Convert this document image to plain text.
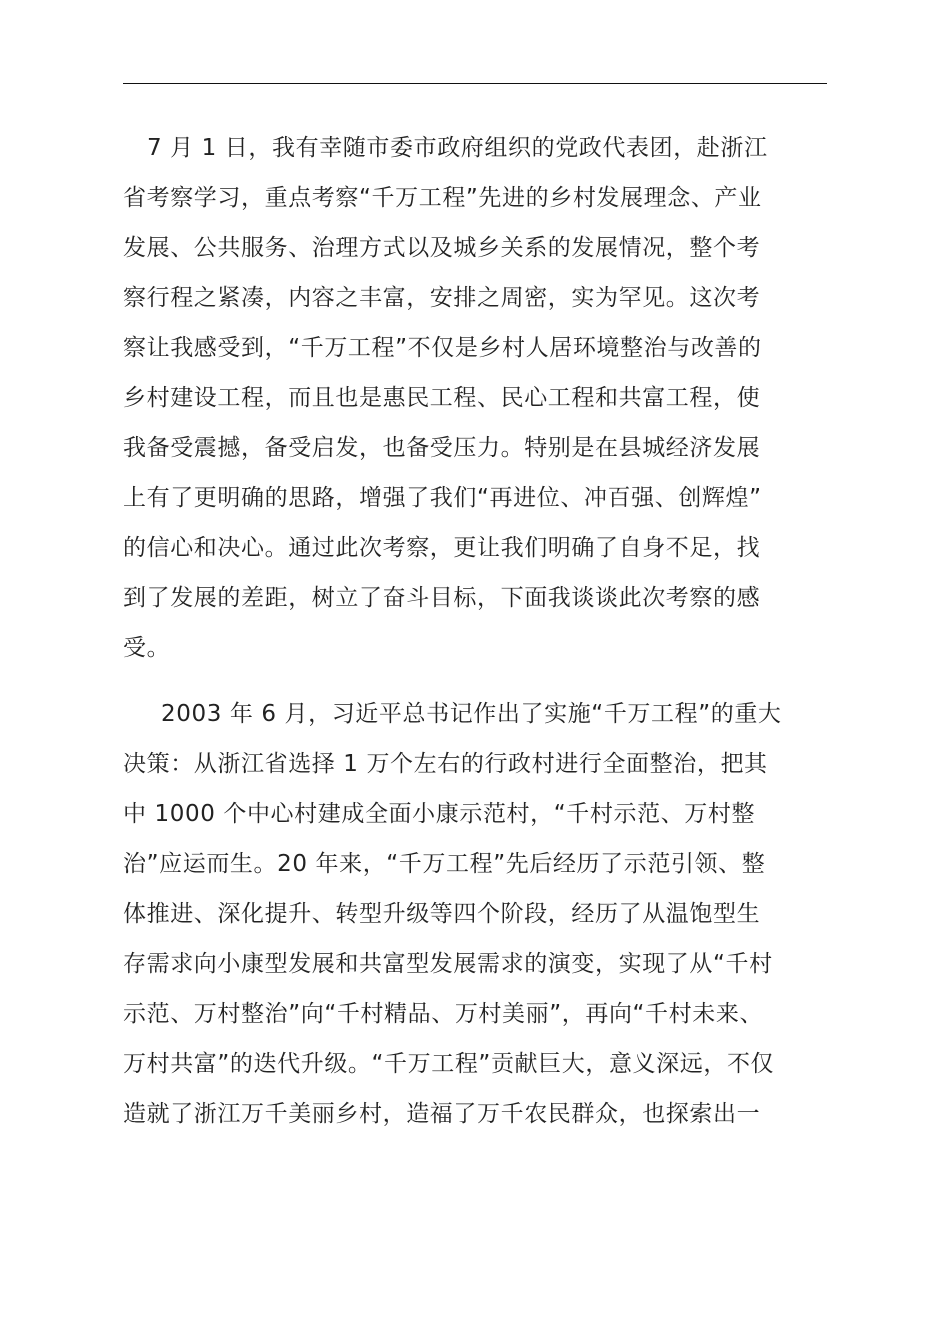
7 月 1 日，我有幸随市委市政府组织的党政代表团，赴浙江
省考察学习，重点考察“千万工程”先进的乡村发展理念、产业
发展、公共服务、治理方式以及城乡关系的发展情况，整个考
察行程之紧凑，内容之丰富，安排之周密，实为罕见。这次考
察让我感受到，“千万工程”不仅是乡村人居环境整治与改善的
乡村建设工程，而且也是惠民工程、民心工程和共富工程，使
我备受震撼，备受启发，也备受压力。特别是在县城经济发展
上有了更明确的思路，增强了我们“再进位、冲百强、创辉煌”
的信心和决心。通过此次考察，更让我们明确了自身不足，找
到了发展的差距，树立了奋斗目标，下面我谈谈此次考察的感
受。
2003 年 6 月，习近平总书记作出了实施“千万工程”的重大
决策：从浙江省选择 1 万个左右的行政村进行全面整治，把其
中 1000 个中心村建成全面小康示范村，“千村示范、万村整
治”应运而生。20 年来，“千万工程”先后经历了示范引领、整
体推进、深化提升、转型升级等四个阶段，经历了从温饱型生
存需求向小康型发展和共富型发展需求的演变，实现了从“千村
示范、万村整治”向“千村精品、万村美丽”，再向“千村未来、
万村共富”的迭代升级。“千万工程”贡献巨大，意义深远，不仅
造就了浙江万千美丽乡村，造福了万千农民群众，也探索出一
